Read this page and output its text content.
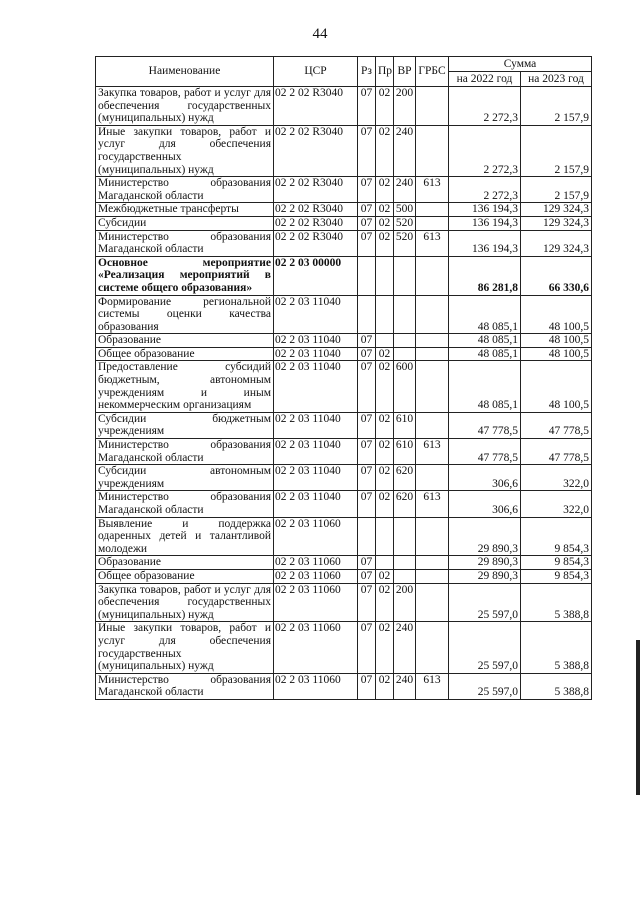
44
Наименование	ЦСР	Рз	Пр	ВР	ГРБС	Сумма	
						на 2022 год	на 2023 год
Закупка товаров, работ и услуг для обеспечения государственных (муниципальных) нужд	02 2 02 R3040	07	02	200		2 272,3	2 157,9
Иные закупки товаров, работ и услуг для обеспечения государственных (муниципальных) нужд	02 2 02 R3040	07	02	240		2 272,3	2 157,9
Министерство образования Магаданской области	02 2 02 R3040	07	02	240	613	2 272,3	2 157,9
Межбюджетные трансферты	02 2 02 R3040	07	02	500		136 194,3	129 324,3
Субсидии	02 2 02 R3040	07	02	520		136 194,3	129 324,3
Министерство образования Магаданской области	02 2 02 R3040	07	02	520	613	136 194,3	129 324,3
Основное мероприятие «Реализация мероприятий в системе общего образования»	02 2 03 00000					86 281,8	66 330,6
Формирование региональной системы оценки качества образования	02 2 03 11040					48 085,1	48 100,5
Образование	02 2 03 11040	07				48 085,1	48 100,5
Общее образование	02 2 03 11040	07	02			48 085,1	48 100,5
Предоставление субсидий бюджетным, автономным учреждениям и иным некоммерческим организациям	02 2 03 11040	07	02	600		48 085,1	48 100,5
Субсидии бюджетным учреждениям	02 2 03 11040	07	02	610		47 778,5	47 778,5
Министерство образования Магаданской области	02 2 03 11040	07	02	610	613	47 778,5	47 778,5
Субсидии автономным учреждениям	02 2 03 11040	07	02	620		306,6	322,0
Министерство образования Магаданской области	02 2 03 11040	07	02	620	613	306,6	322,0
Выявление и поддержка одаренных детей и талантливой молодежи	02 2 03 11060					29 890,3	9 854,3
Образование	02 2 03 11060	07				29 890,3	9 854,3
Общее образование	02 2 03 11060	07	02			29 890,3	9 854,3
Закупка товаров, работ и услуг для обеспечения государственных (муниципальных) нужд	02 2 03 11060	07	02	200		25 597,0	5 388,8
Иные закупки товаров, работ и услуг для обеспечения государственных (муниципальных) нужд	02 2 03 11060	07	02	240		25 597,0	5 388,8
Министерство образования Магаданской области	02 2 03 11060	07	02	240	613	25 597,0	5 388,8
